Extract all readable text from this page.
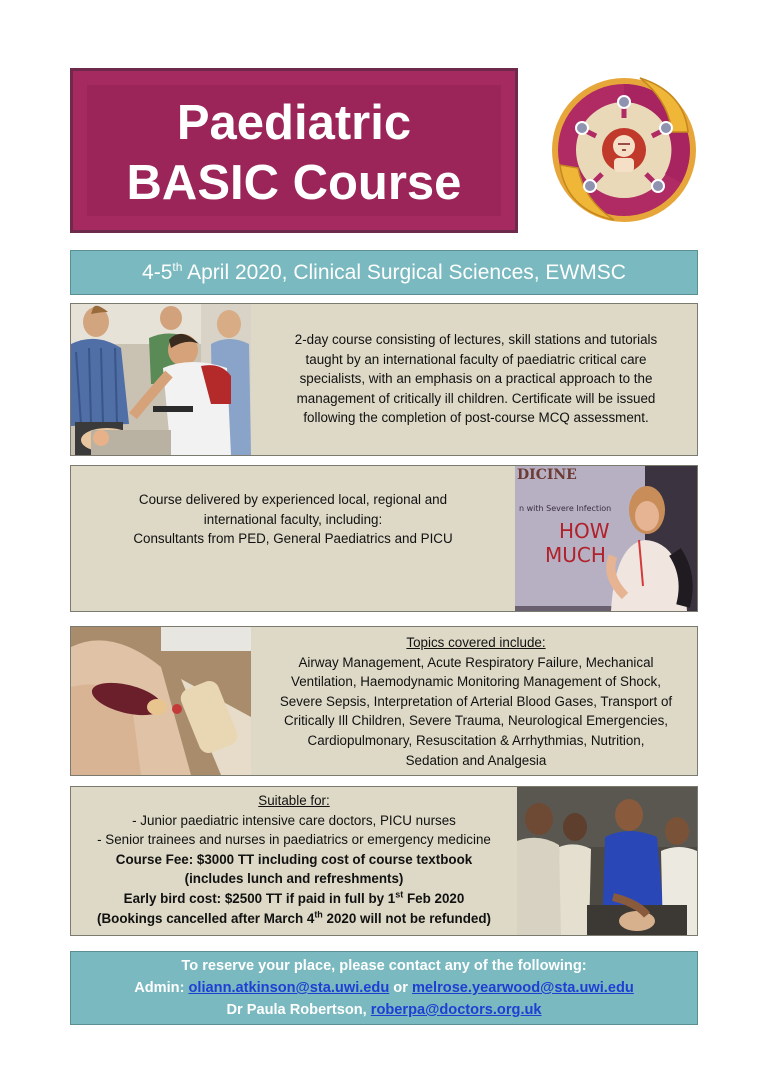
Paediatric
BASIC Course
4-5th April 2020, Clinical Surgical Sciences, EWMSC
2-day course consisting of lectures, skill stations and tutorials
taught by an international faculty of paediatric critical care
specialists, with an emphasis on a practical approach to the
management of critically ill children. Certificate will be issued
following the completion of post-course MCQ assessment.
Course delivered by experienced local, regional and
international faculty, including:
Consultants from PED, General Paediatrics and PICU
DICINE
n with Severe Infection
HOW
MUCH
Topics covered include:
Airway Management, Acute Respiratory Failure, Mechanical
Ventilation, Haemodynamic Monitoring Management of Shock,
Severe Sepsis, Interpretation of Arterial Blood Gases, Transport of
Critically Ill Children, Severe Trauma, Neurological Emergencies,
Cardiopulmonary, Resuscitation & Arrhythmias, Nutrition,
Sedation and Analgesia
Suitable for:
- Junior paediatric intensive care doctors, PICU nurses
- Senior trainees and nurses in paediatrics or emergency medicine
Course Fee: $3000 TT including cost of course textbook
(includes lunch and refreshments)
Early bird cost: $2500 TT if paid in full by 1st Feb 2020
(Bookings cancelled after March 4th 2020 will not be refunded)
To reserve your place, please contact any of the following:
Admin: oliann.atkinson@sta.uwi.edu or melrose.yearwood@sta.uwi.edu
Dr Paula Robertson, roberpa@doctors.org.uk
